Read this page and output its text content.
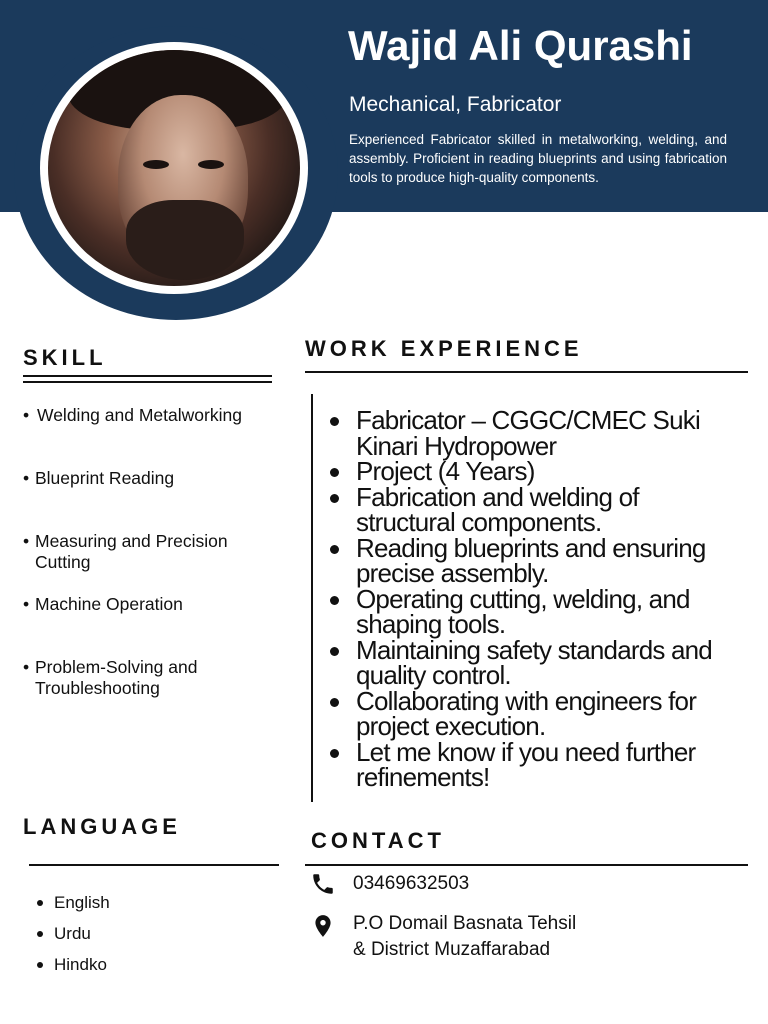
Wajid Ali Qurashi

Mechanical, Fabricator

Experienced Fabricator skilled in metalworking, welding, and assembly. Proficient in reading blueprints and using fabrication tools to produce high-quality components.

SKILL
• Welding and Metalworking
• Blueprint Reading
• Measuring and Precision Cutting
• Machine Operation
• Problem-Solving and Troubleshooting
WORK EXPERIENCE
Fabricator – CGGC/CMEC Suki Kinari Hydropower
Project (4 Years)
Fabrication and welding of structural components.
Reading blueprints and ensuring precise assembly.
Operating cutting, welding, and shaping tools.
Maintaining safety standards and quality control.
Collaborating with engineers for project execution.
Let me know if you need further refinements!
LANGUAGE
English
Urdu
Hindko
CONTACT
03469632503
P.O Domail Basnata Tehsil
& District Muzaffarabad
